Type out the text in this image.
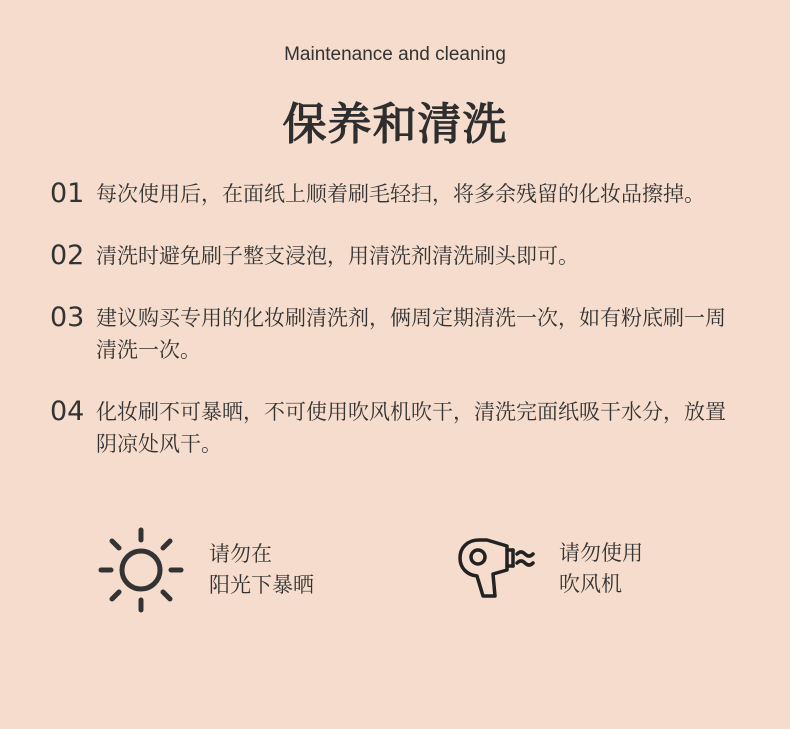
Maintenance and cleaning
保养和清洗
01 每次使用后，在面纸上顺着刷毛轻扫，将多余残留的化妆品擦掉。
02 清洗时避免刷子整支浸泡，用清洗剂清洗刷头即可。
03 建议购买专用的化妆刷清洗剂，俩周定期清洗一次，如有粉底刷一周清洗一次。
04 化妆刷不可暴晒，不可使用吹风机吹干，清洗完面纸吸干水分，放置阴凉处风干。
请勿在
阳光下暴晒
请勿使用
吹风机
